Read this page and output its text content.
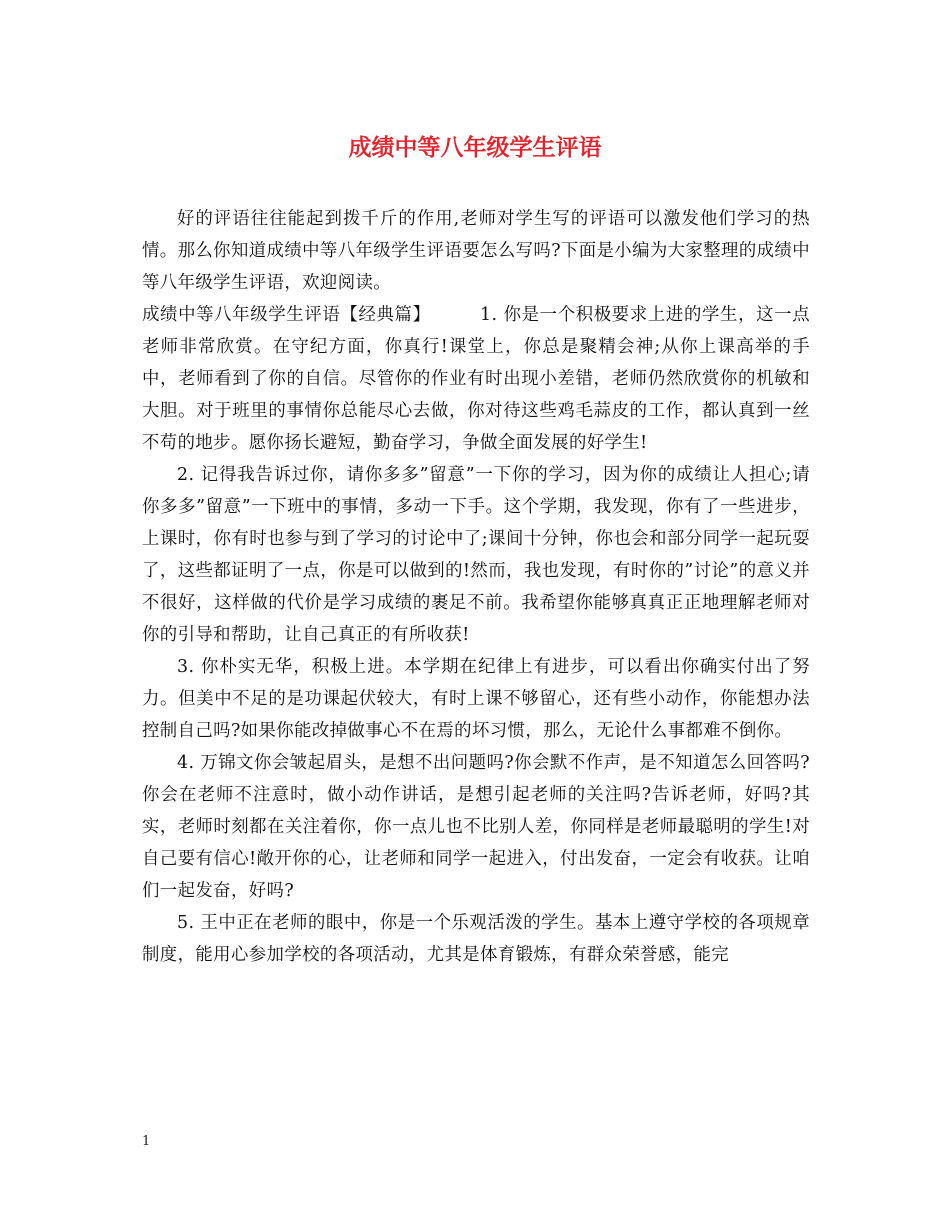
成绩中等八年级学生评语

好的评语往往能起到拨千斤的作用,老师对学生写的评语可以激发他们学习的热情。那么你知道成绩中等八年级学生评语要怎么写吗?下面是小编为大家整理的成绩中等八年级学生评语，欢迎阅读。

成绩中等八年级学生评语【经典篇】	1. 你是一个积极要求上进的学生，这一点老师非常欣赏。在守纪方面，你真行!课堂上，你总是聚精会神;从你上课高举的手中，老师看到了你的自信。尽管你的作业有时出现小差错，老师仍然欣赏你的机敏和大胆。对于班里的事情你总能尽心去做，你对待这些鸡毛蒜皮的工作，都认真到一丝不苟的地步。愿你扬长避短，勤奋学习，争做全面发展的好学生!

2. 记得我告诉过你，请你多多”留意”一下你的学习，因为你的成绩让人担心;请你多多”留意”一下班中的事情，多动一下手。这个学期，我发现，你有了一些进步，上课时，你有时也参与到了学习的讨论中了;课间十分钟，你也会和部分同学一起玩耍了，这些都证明了一点，你是可以做到的!然而，我也发现，有时你的”讨论”的意义并不很好，这样做的代价是学习成绩的裹足不前。我希望你能够真真正正地理解老师对你的引导和帮助，让自己真正的有所收获!

3. 你朴实无华，积极上进。本学期在纪律上有进步，可以看出你确实付出了努力。但美中不足的是功课起伏较大，有时上课不够留心，还有些小动作，你能想办法控制自己吗?如果你能改掉做事心不在焉的坏习惯，那么，无论什么事都难不倒你。

4. 万锦文你会皱起眉头，是想不出问题吗?你会默不作声，是不知道怎么回答吗?你会在老师不注意时，做小动作讲话，是想引起老师的关注吗?告诉老师，好吗?其实，老师时刻都在关注着你，你一点儿也不比别人差，你同样是老师最聪明的学生!对自己要有信心!敞开你的心，让老师和同学一起进入，付出发奋，一定会有收获。让咱们一起发奋，好吗?

5. 王中正在老师的眼中，你是一个乐观活泼的学生。基本上遵守学校的各项规章制度，能用心参加学校的各项活动，尤其是体育锻炼，有群众荣誉感，能完

1
